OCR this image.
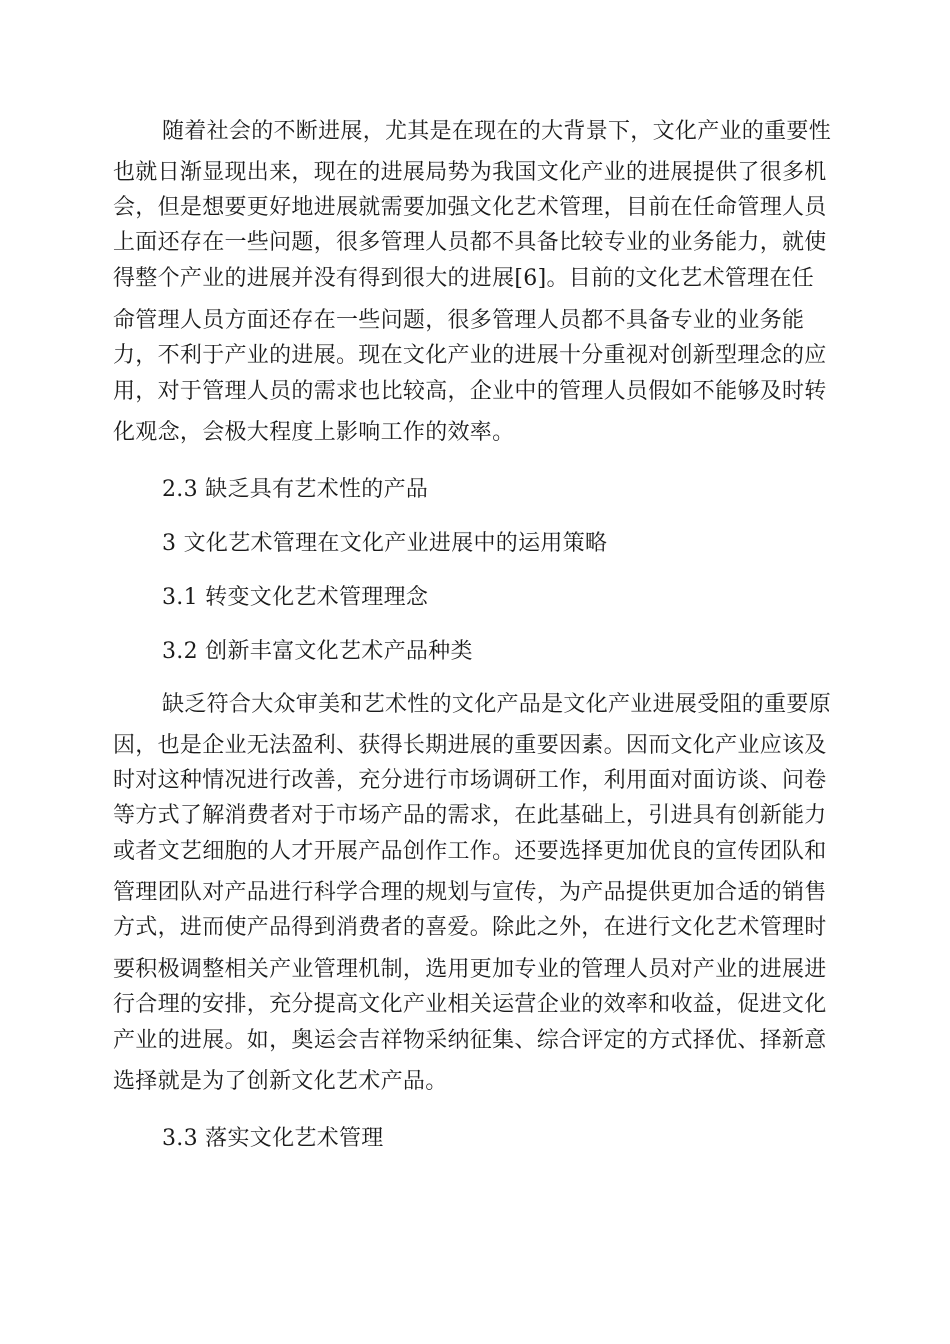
随着社会的不断进展，尤其是在现在的大背景下，文化产业的重要性
也就日渐显现出来，现在的进展局势为我国文化产业的进展提供了很多机
会，但是想要更好地进展就需要加强文化艺术管理，目前在任命管理人员
上面还存在一些问题，很多管理人员都不具备比较专业的业务能力，就使
得整个产业的进展并没有得到很大的进展[6]。目前的文化艺术管理在任
命管理人员方面还存在一些问题，很多管理人员都不具备专业的业务能
力，不利于产业的进展。现在文化产业的进展十分重视对创新型理念的应
用，对于管理人员的需求也比较高，企业中的管理人员假如不能够及时转
化观念，会极大程度上影响工作的效率。
2.3 缺乏具有艺术性的产品
3 文化艺术管理在文化产业进展中的运用策略
3.1 转变文化艺术管理理念
3.2 创新丰富文化艺术产品种类
缺乏符合大众审美和艺术性的文化产品是文化产业进展受阻的重要原
因，也是企业无法盈利、获得长期进展的重要因素。因而文化产业应该及
时对这种情况进行改善，充分进行市场调研工作，利用面对面访谈、问卷
等方式了解消费者对于市场产品的需求，在此基础上，引进具有创新能力
或者文艺细胞的人才开展产品创作工作。还要选择更加优良的宣传团队和
管理团队对产品进行科学合理的规划与宣传，为产品提供更加合适的销售
方式，进而使产品得到消费者的喜爱。除此之外，在进行文化艺术管理时
要积极调整相关产业管理机制，选用更加专业的管理人员对产业的进展进
行合理的安排，充分提高文化产业相关运营企业的效率和收益，促进文化
产业的进展。如，奥运会吉祥物采纳征集、综合评定的方式择优、择新意
选择就是为了创新文化艺术产品。
3.3 落实文化艺术管理
